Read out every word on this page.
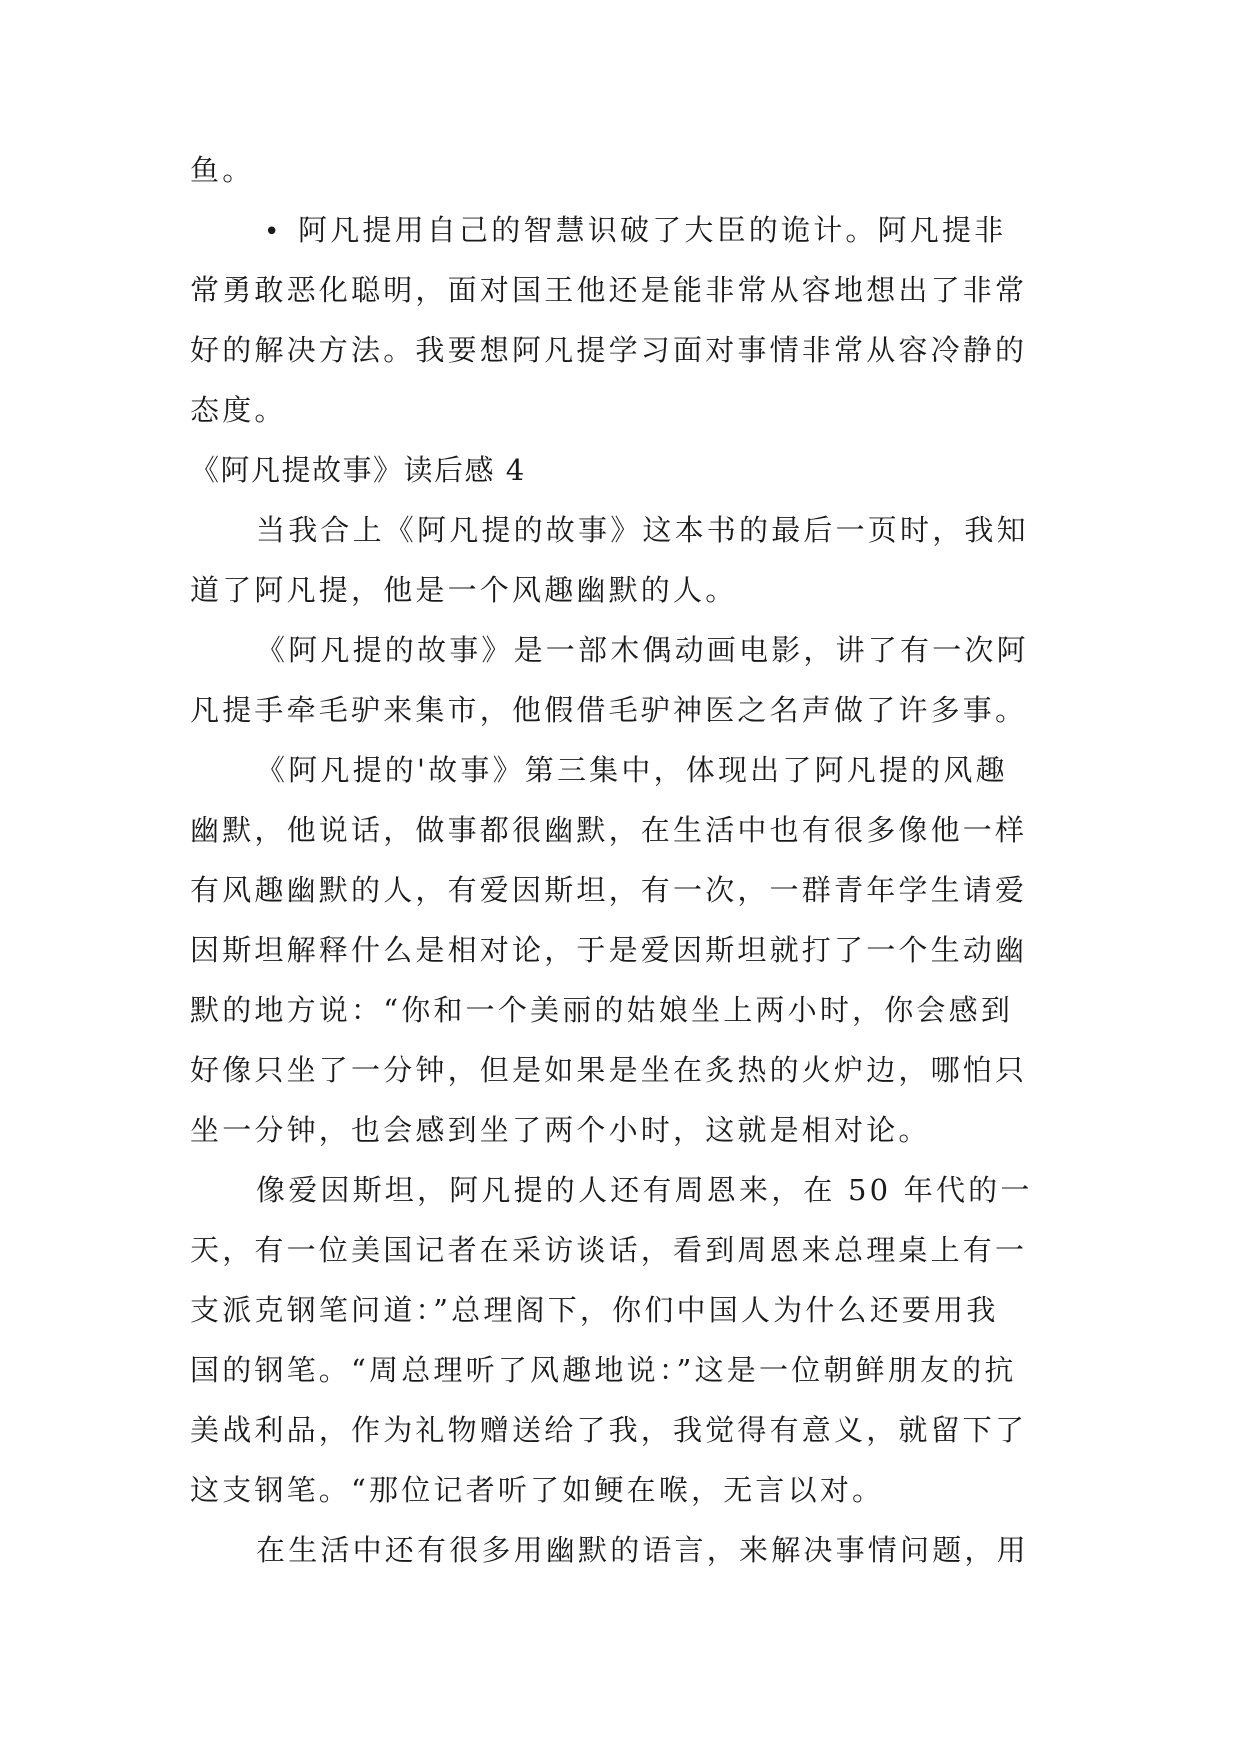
鱼。
• 阿凡提用自己的智慧识破了大臣的诡计。阿凡提非
常勇敢恶化聪明，面对国王他还是能非常从容地想出了非常
好的解决方法。我要想阿凡提学习面对事情非常从容冷静的
态度。
《阿凡提故事》读后感 4
当我合上《阿凡提的故事》这本书的最后一页时，我知
道了阿凡提，他是一个风趣幽默的人。
《阿凡提的故事》是一部木偶动画电影，讲了有一次阿
凡提手牵毛驴来集市，他假借毛驴神医之名声做了许多事。
《阿凡提的'故事》第三集中，体现出了阿凡提的风趣
幽默，他说话，做事都很幽默，在生活中也有很多像他一样
有风趣幽默的人，有爱因斯坦，有一次，一群青年学生请爱
因斯坦解释什么是相对论，于是爱因斯坦就打了一个生动幽
默的地方说：“你和一个美丽的姑娘坐上两小时，你会感到
好像只坐了一分钟，但是如果是坐在炙热的火炉边，哪怕只
坐一分钟，也会感到坐了两个小时，这就是相对论。
像爱因斯坦，阿凡提的人还有周恩来，在 50 年代的一
天，有一位美国记者在采访谈话，看到周恩来总理桌上有一
支派克钢笔问道：”总理阁下，你们中国人为什么还要用我
国的钢笔。“周总理听了风趣地说：”这是一位朝鲜朋友的抗
美战利品，作为礼物赠送给了我，我觉得有意义，就留下了
这支钢笔。“那位记者听了如鲠在喉，无言以对。
在生活中还有很多用幽默的语言，来解决事情问题，用
